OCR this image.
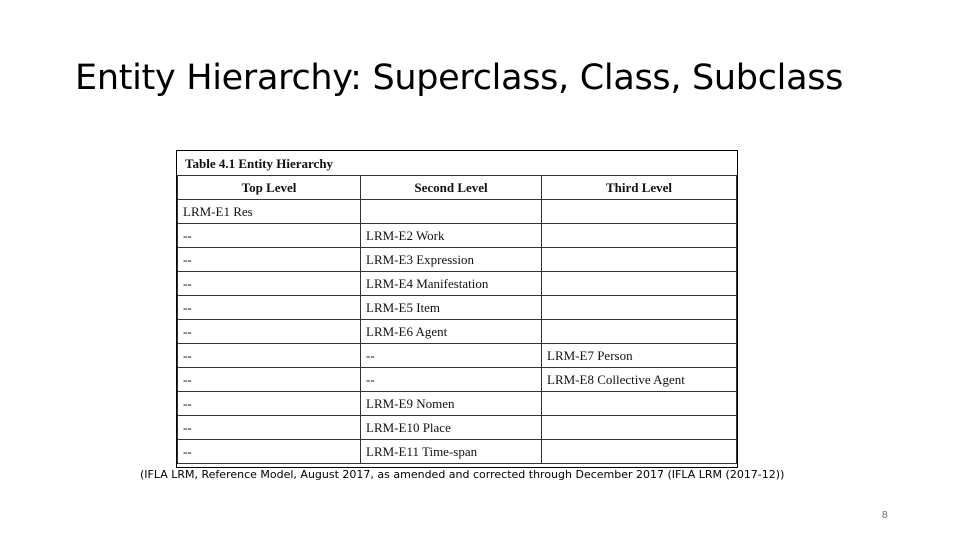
Entity Hierarchy: Superclass, Class, Subclass
Table 4.1 Entity Hierarchy
Top Level	Second Level	Third Level
LRM-E1 Res		
--	LRM-E2 Work	
--	LRM-E3 Expression	
--	LRM-E4 Manifestation	
--	LRM-E5 Item	
--	LRM-E6 Agent	
--	--	LRM-E7 Person
--	--	LRM-E8 Collective Agent
--	LRM-E9 Nomen	
--	LRM-E10 Place	
--	LRM-E11 Time-span	
(IFLA LRM, Reference Model, August 2017, as amended and corrected through December 2017 (IFLA LRM (2017-12))
8
